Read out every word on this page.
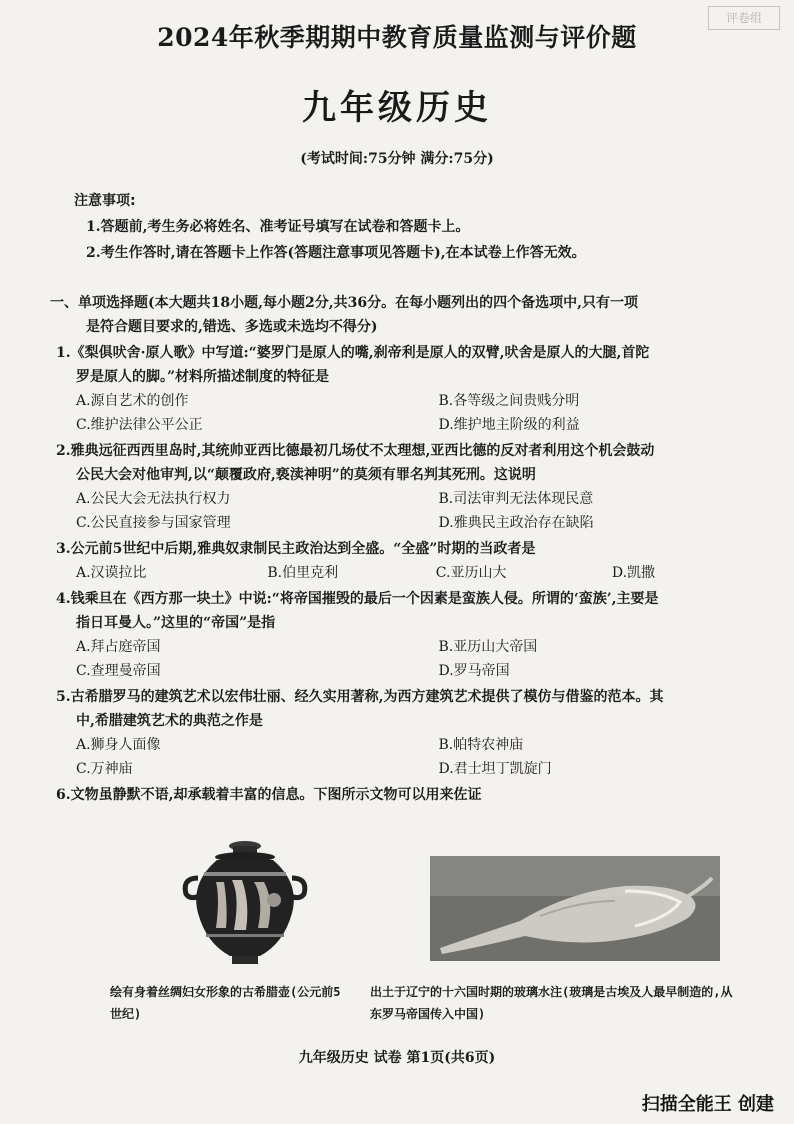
评卷组
2024年秋季期期中教育质量监测与评价题
九年级历史
(考试时间:75分钟 满分:75分)
注意事项:
1.答题前,考生务必将姓名、准考证号填写在试卷和答题卡上。
2.考生作答时,请在答题卡上作答(答题注意事项见答题卡),在本试卷上作答无效。
一、单项选择题(本大题共18小题,每小题2分,共36分。在每小题列出的四个备选项中,只有一项
是符合题目要求的,错选、多选或未选均不得分)
1.《梨俱吠舍·原人歌》中写道:“婆罗门是原人的嘴,刹帝利是原人的双臂,吠舍是原人的大腿,首陀
罗是原人的脚。”材料所描述制度的特征是
A.源自艺术的创作	B.各等级之间贵贱分明
C.维护法律公平公正	D.维护地主阶级的利益
2.雅典远征西西里岛时,其统帅亚西比德最初几场仗不太理想,亚西比德的反对者利用这个机会鼓动
公民大会对他审判,以“颠覆政府,亵渎神明”的莫须有罪名判其死刑。这说明
A.公民大会无法执行权力	B.司法审判无法体现民意
C.公民直接参与国家管理	D.雅典民主政治存在缺陷
3.公元前5世纪中后期,雅典奴隶制民主政治达到全盛。“全盛”时期的当政者是
A.汉谟拉比	B.伯里克利	C.亚历山大	D.凯撒
4.钱乘旦在《西方那一块土》中说:“将帝国摧毁的最后一个因素是蛮族人侵。所谓的‘蛮族’,主要是
指日耳曼人。”这里的“帝国”是指
A.拜占庭帝国	B.亚历山大帝国
C.查理曼帝国	D.罗马帝国
5.古希腊罗马的建筑艺术以宏伟壮丽、经久实用著称,为西方建筑艺术提供了模仿与借鉴的范本。其
中,希腊建筑艺术的典范之作是
A.狮身人面像	B.帕特农神庙
C.万神庙	D.君士坦丁凯旋门
6.文物虽静默不语,却承载着丰富的信息。下图所示文物可以用来佐证
绘有身着丝绸妇女形象的古希腊壶(公元前5世纪)
出土于辽宁的十六国时期的玻璃水注(玻璃是古埃及人最早制造的,从东罗马帝国传入中国)
九年级历史 试卷 第1页(共6页)
扫描全能王 创建
